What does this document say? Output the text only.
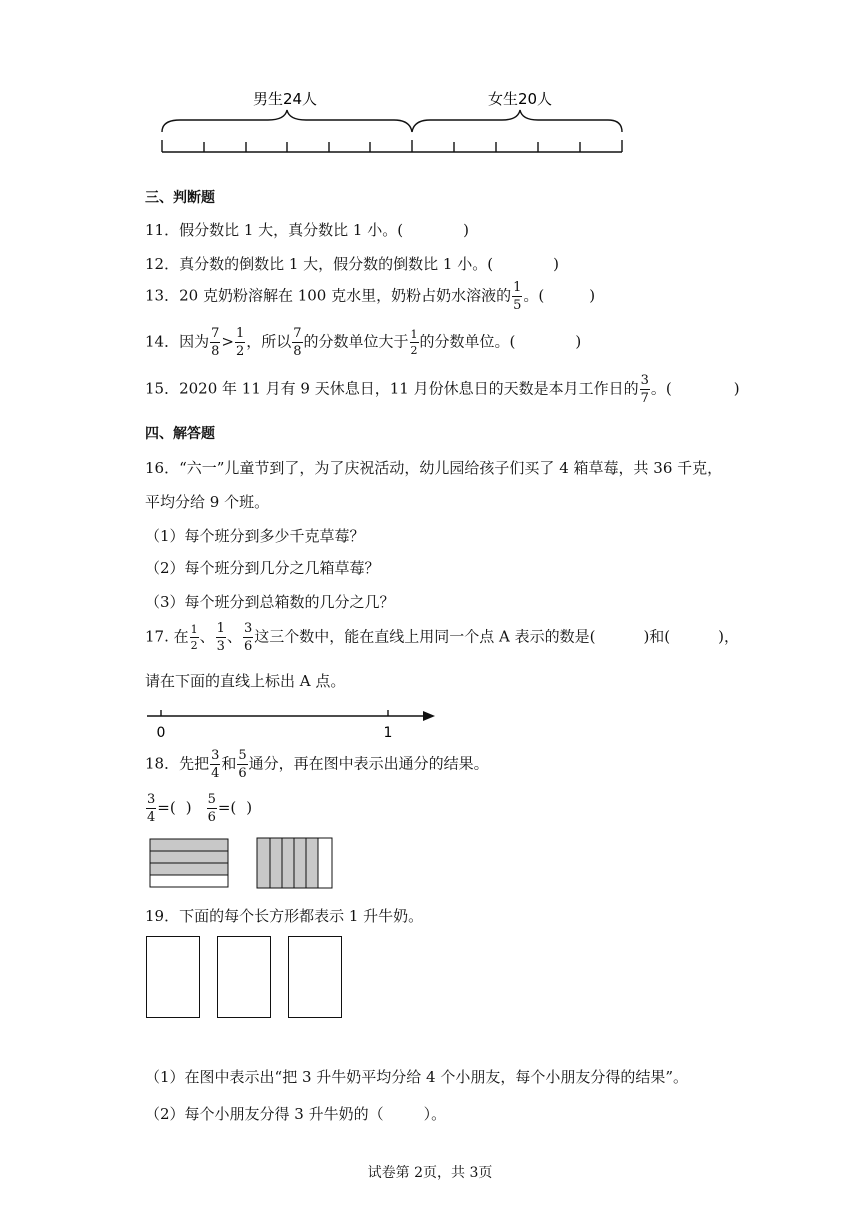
男生24人	女生20人
三、判断题
11．假分数比 1 大，真分数比 1 小。(	)
12．真分数的倒数比 1 大，假分数的倒数比 1 小。(	)
13．20 克奶粉溶解在 100 克水里，奶粉占奶水溶液的 $\frac{1}{5}$ 。(	)
14．因为 $\frac{7}{8} > \frac{1}{2}$ ，所以 $\frac{7}{8}$ 的分数单位大于 $\frac{1}{2}$ 的分数单位。(	)
15．2020 年 11 月有 9 天休息日，11 月份休息日的天数是本月工作日的 $\frac{3}{7}$ 。(	)
四、解答题
16．“六一”儿童节到了，为了庆祝活动，幼儿园给孩子们买了 4 箱草莓，共 36 千克，
平均分给 9 个班。
（1）每个班分到多少千克草莓？
（2）每个班分到几分之几箱草莓？
（3）每个班分到总箱数的几分之几？
17. 在 $\frac{1}{2}$ 、 $\frac{1}{3}$ 、 $\frac{3}{6}$ 这三个数中，能在直线上用同一个点 A 表示的数是(	)和(	)，
请在下面的直线上标出 A 点。
0	1
18．先把 $\frac{3}{4}$ 和 $\frac{5}{6}$ 通分，再在图中表示出通分的结果。
$\frac{3}{4}$ =( ) $\frac{5}{6}$ =( )
19．下面的每个长方形都表示 1 升牛奶。
（1）在图中表示出“把 3 升牛奶平均分给 4 个小朋友，每个小朋友分得的结果”。
（2）每个小朋友分得 3 升牛奶的（	）。
试卷第 2页，共 3页
